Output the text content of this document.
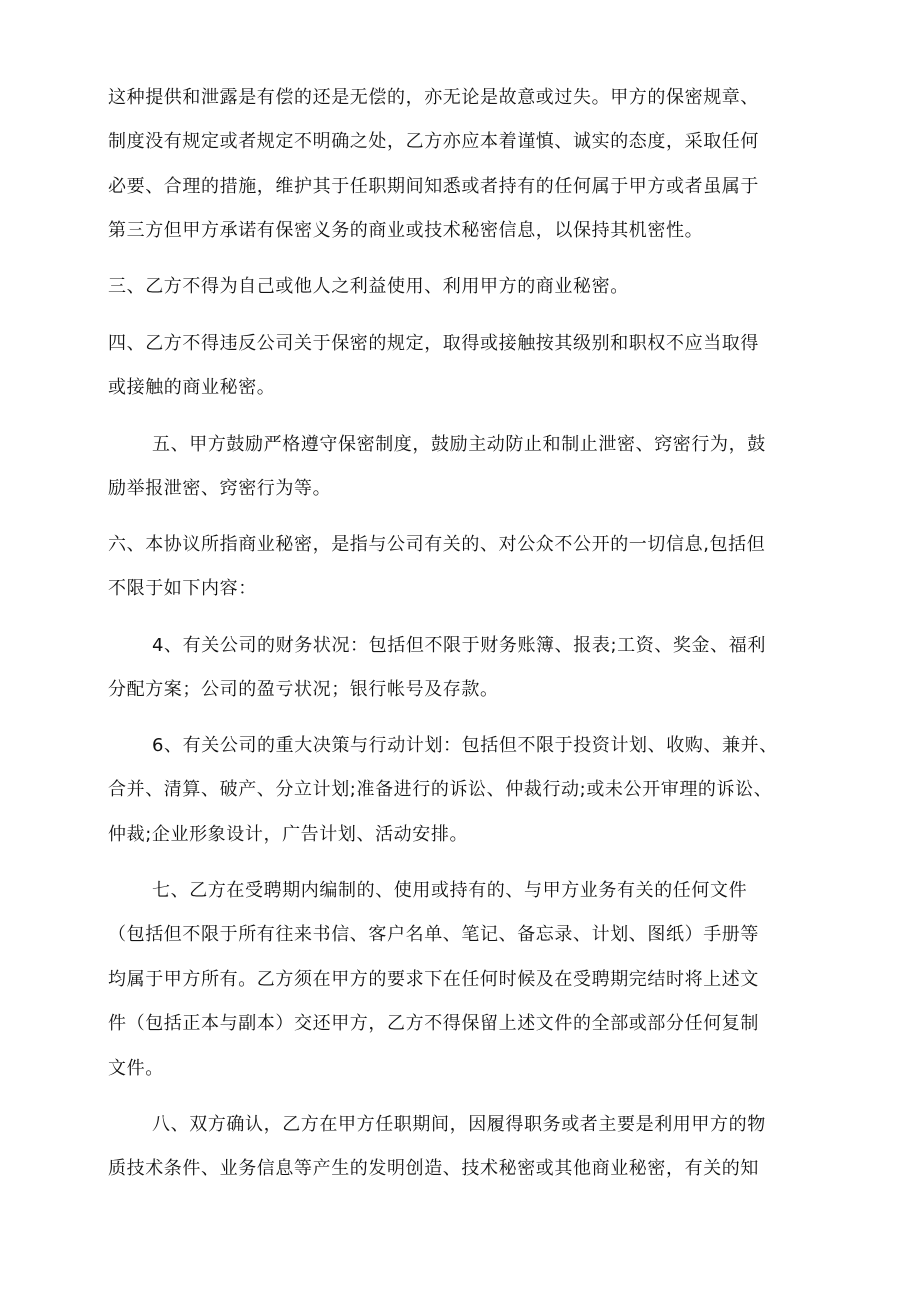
这种提供和泄露是有偿的还是无偿的，亦无论是故意或过失。甲方的保密规章、
制度没有规定或者规定不明确之处，乙方亦应本着谨慎、诚实的态度，采取任何
必要、合理的措施，维护其于任职期间知悉或者持有的任何属于甲方或者虽属于
第三方但甲方承诺有保密义务的商业或技术秘密信息，以保持其机密性。
三、乙方不得为自己或他人之利益使用、利用甲方的商业秘密。
四、乙方不得违反公司关于保密的规定，取得或接触按其级别和职权不应当取得
或接触的商业秘密。
五、甲方鼓励严格遵守保密制度，鼓励主动防止和制止泄密、窍密行为，鼓
励举报泄密、窍密行为等。
六、本协议所指商业秘密，是指与公司有关的、对公众不公开的一切信息,包括但
不限于如下内容：
4、有关公司的财务状况：包括但不限于财务账簿、报表;工资、奖金、福利
分配方案；公司的盈亏状况；银行帐号及存款。
6、有关公司的重大决策与行动计划：包括但不限于投资计划、收购、兼并、
合并、清算、破产、分立计划;准备进行的诉讼、仲裁行动;或未公开审理的诉讼、
仲裁;企业形象设计，广告计划、活动安排。
七、乙方在受聘期内编制的、使用或持有的、与甲方业务有关的任何文件
（包括但不限于所有往来书信、客户名单、笔记、备忘录、计划、图纸）手册等
均属于甲方所有。乙方须在甲方的要求下在任何时候及在受聘期完结时将上述文
件（包括正本与副本）交还甲方，乙方不得保留上述文件的全部或部分任何复制
文件。
八、双方确认，乙方在甲方任职期间，因履得职务或者主要是利用甲方的物
质技术条件、业务信息等产生的发明创造、技术秘密或其他商业秘密，有关的知
